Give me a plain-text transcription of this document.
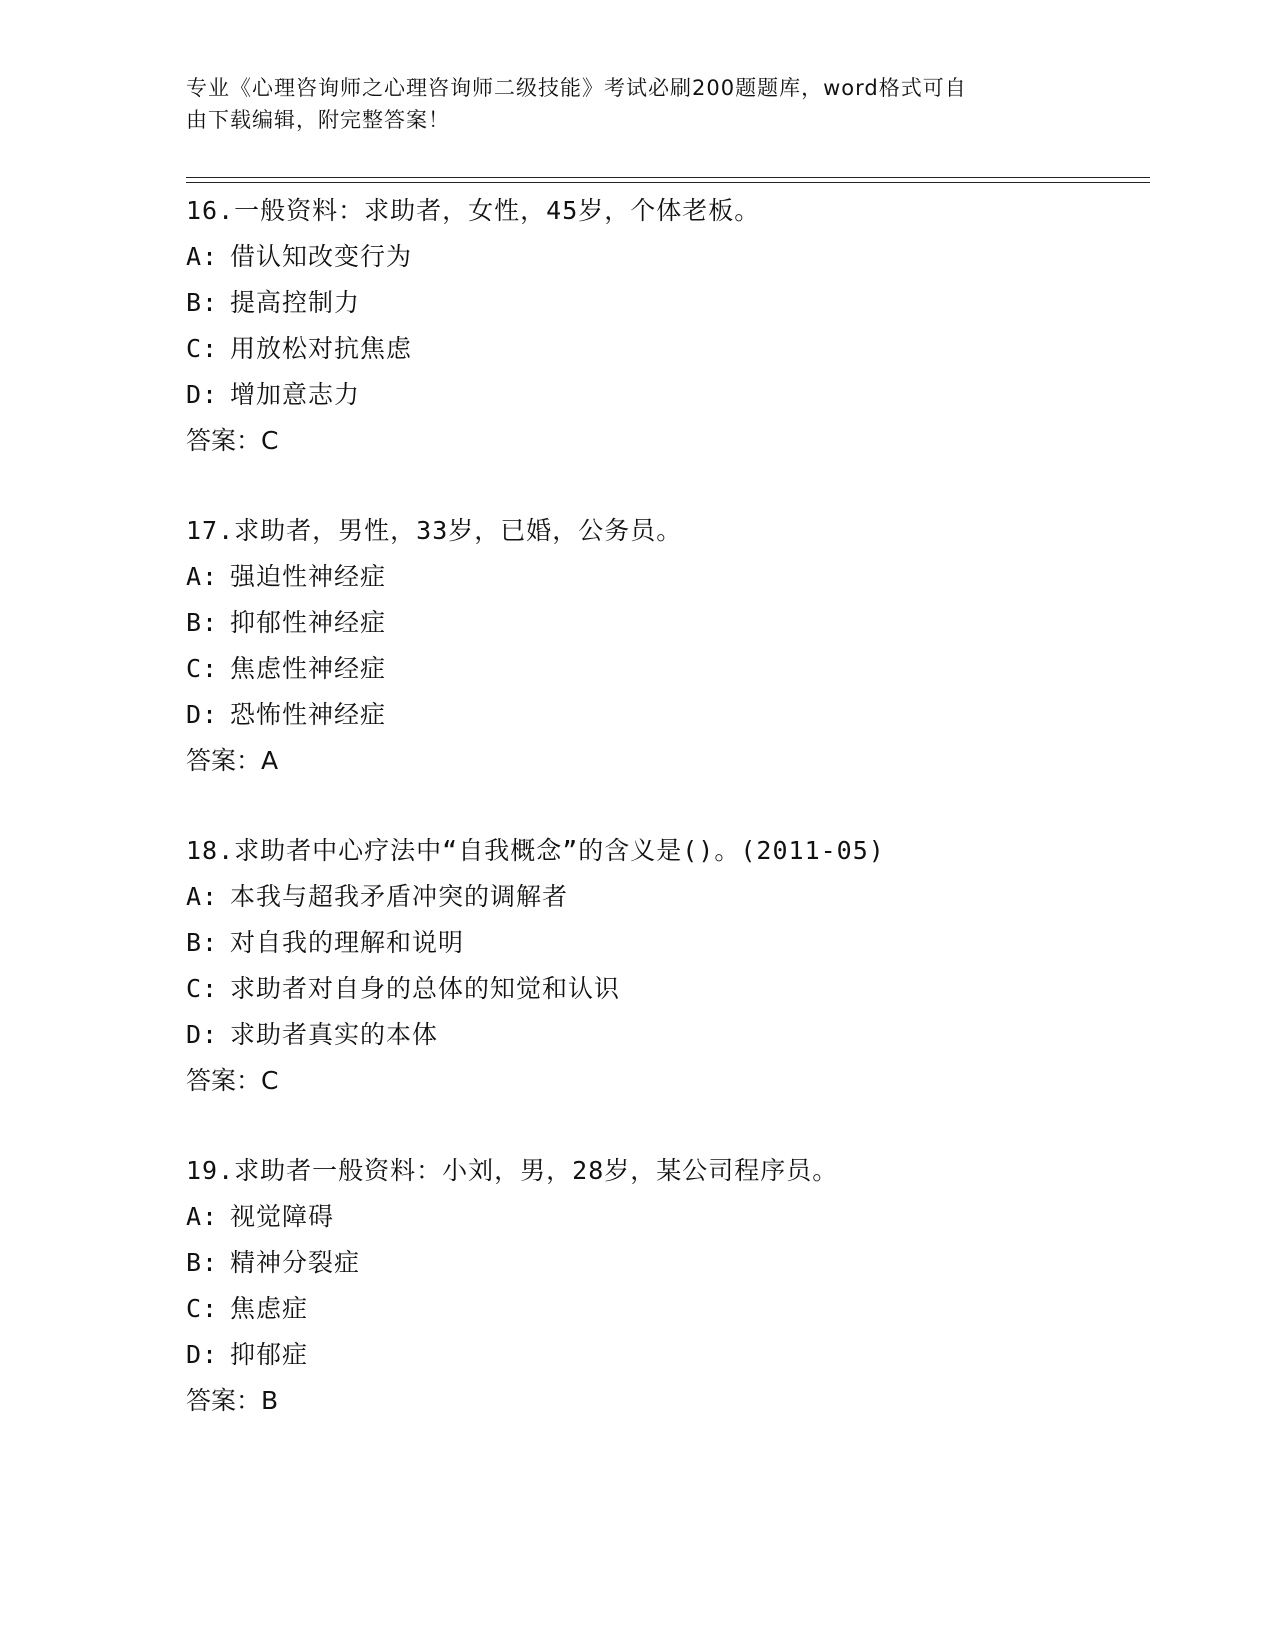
专业《心理咨询师之心理咨询师二级技能》考试必刷200题题库，word格式可自
由下载编辑，附完整答案！
16.一般资料：求助者，女性，45岁，个体老板。
A: 借认知改变行为
B: 提高控制力
C: 用放松对抗焦虑
D: 增加意志力
答案：C
17.求助者，男性，33岁，已婚，公务员。
A: 强迫性神经症
B: 抑郁性神经症
C: 焦虑性神经症
D: 恐怖性神经症
答案：A
18.求助者中心疗法中“自我概念”的含义是()。(2011-05)
A: 本我与超我矛盾冲突的调解者
B: 对自我的理解和说明
C: 求助者对自身的总体的知觉和认识
D: 求助者真实的本体
答案：C
19.求助者一般资料：小刘，男，28岁，某公司程序员。
A: 视觉障碍
B: 精神分裂症
C: 焦虑症
D: 抑郁症
答案：B
